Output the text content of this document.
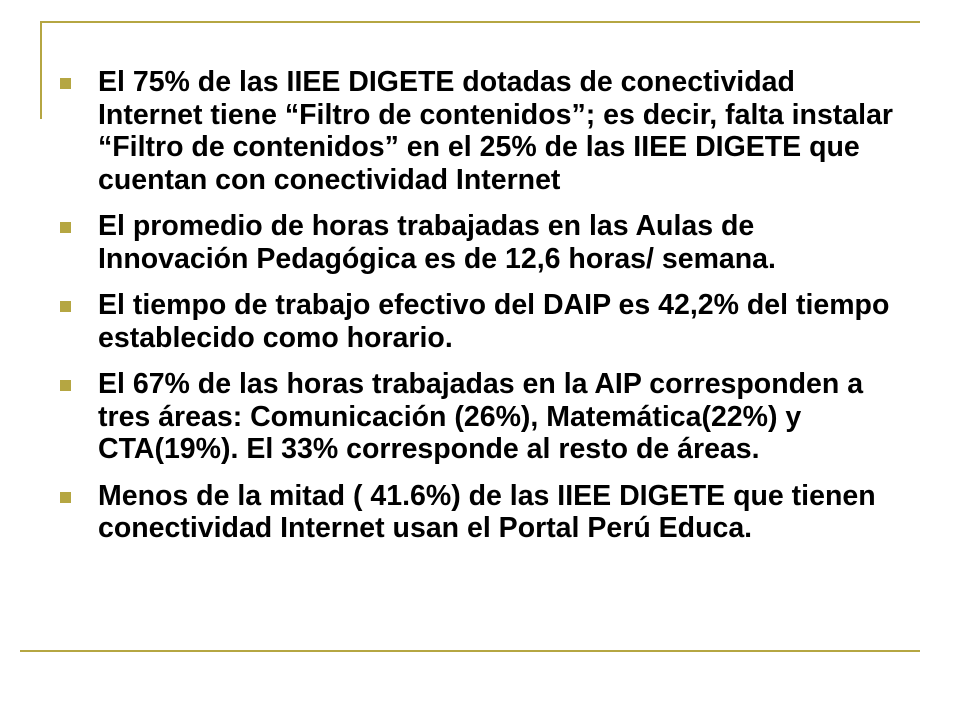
El 75% de las IIEE DIGETE dotadas de conectividad Internet tiene “Filtro de contenidos”; es decir, falta instalar “Filtro de contenidos” en el 25% de las IIEE DIGETE que cuentan con conectividad Internet
El promedio de horas trabajadas en las Aulas de Innovación Pedagógica es de 12,6 horas/ semana.
El tiempo de trabajo efectivo del DAIP es 42,2% del tiempo establecido como horario.
El 67% de las horas trabajadas en la AIP corresponden a tres áreas: Comunicación (26%), Matemática(22%) y CTA(19%). El 33% corresponde al resto de áreas.
Menos de la mitad ( 41.6%) de las IIEE DIGETE que tienen conectividad Internet usan el Portal Perú Educa.
